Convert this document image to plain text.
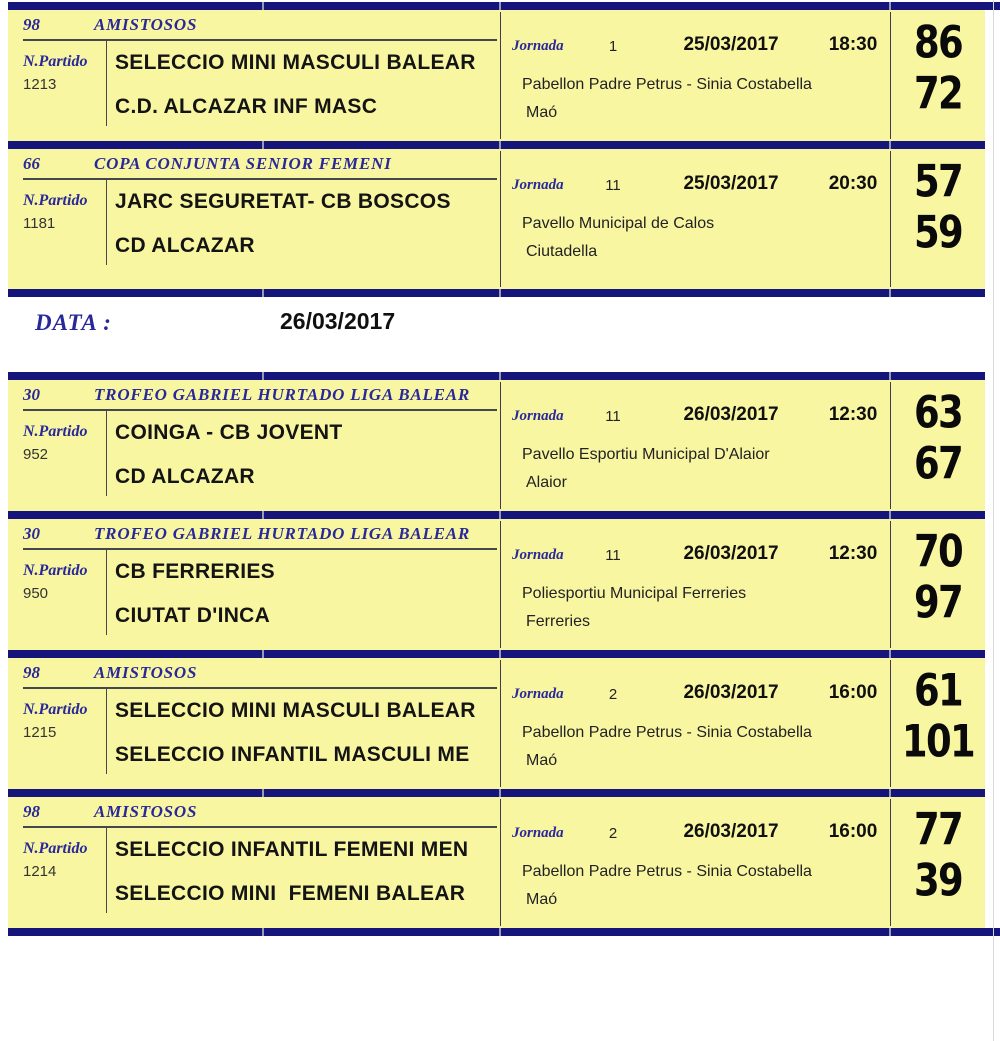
98	AMISTOSOS
N.Partido
1213
SELECCIO MINI MASCULI BALEAR
C.D. ALCAZAR INF MASC
Jornada	1	25/03/2017	18:30
Pabellon Padre Petrus - Sinia Costabella
Maó
86
72
66	COPA CONJUNTA SENIOR FEMENI
N.Partido
1181
JARC SEGURETAT- CB BOSCOS
CD ALCAZAR
Jornada	11	25/03/2017	20:30
Pavello Municipal de Calos
Ciutadella
57
59
DATA :	26/03/2017
30	TROFEO GABRIEL HURTADO LIGA BALEAR
N.Partido
952
COINGA - CB JOVENT
CD ALCAZAR
Jornada	11	26/03/2017	12:30
Pavello Esportiu Municipal D'Alaior
Alaior
63
67
30	TROFEO GABRIEL HURTADO LIGA BALEAR
N.Partido
950
CB FERRERIES
CIUTAT D'INCA
Jornada	11	26/03/2017	12:30
Poliesportiu Municipal Ferreries
Ferreries
70
97
98	AMISTOSOS
N.Partido
1215
SELECCIO MINI MASCULI BALEAR
SELECCIO INFANTIL MASCULI ME
Jornada	2	26/03/2017	16:00
Pabellon Padre Petrus - Sinia Costabella
Maó
61
101
98	AMISTOSOS
N.Partido
1214
SELECCIO INFANTIL FEMENI MEN
SELECCIO MINI  FEMENI BALEAR
Jornada	2	26/03/2017	16:00
Pabellon Padre Petrus - Sinia Costabella
Maó
77
39
